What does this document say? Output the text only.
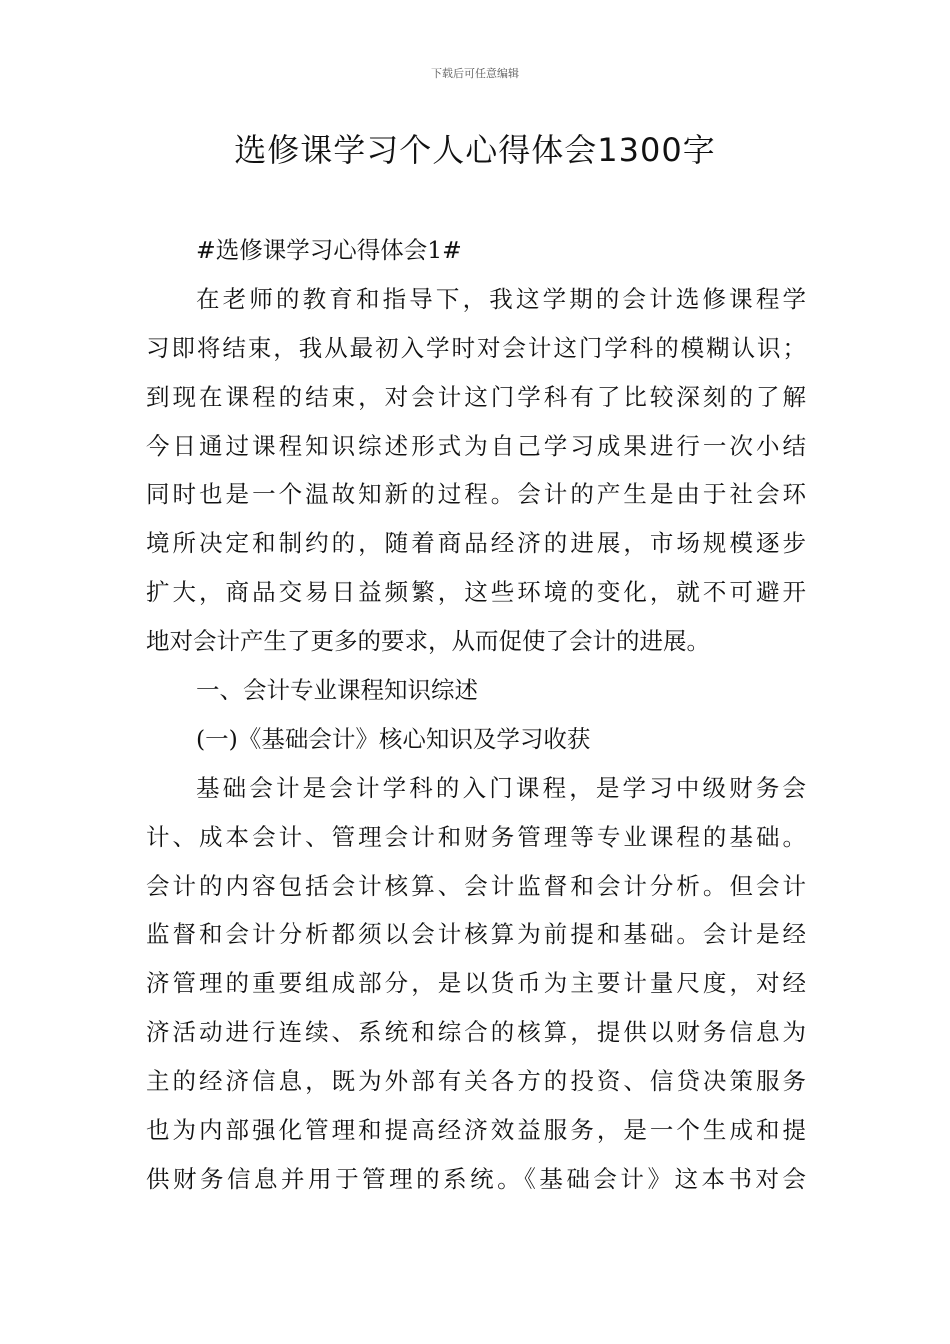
下载后可任意编辑
选修课学习个人心得体会1300字
#选修课学习心得体会1#
在老师的教育和指导下，我这学期的会计选修课程学
习即将结束，我从最初入学时对会计这门学科的模糊认识；
到现在课程的结束，对会计这门学科有了比较深刻的了解
今日通过课程知识综述形式为自己学习成果进行一次小结
同时也是一个温故知新的过程。会计的产生是由于社会环
境所决定和制约的，随着商品经济的进展，市场规模逐步
扩大，商品交易日益频繁，这些环境的变化，就不可避开
地对会计产生了更多的要求，从而促使了会计的进展。
一、会计专业课程知识综述
(一)《基础会计》核心知识及学习收获
基础会计是会计学科的入门课程，是学习中级财务会
计、成本会计、管理会计和财务管理等专业课程的基础。
会计的内容包括会计核算、会计监督和会计分析。但会计
监督和会计分析都须以会计核算为前提和基础。会计是经
济管理的重要组成部分，是以货币为主要计量尺度，对经
济活动进行连续、系统和综合的核算，提供以财务信息为
主的经济信息，既为外部有关各方的投资、信贷决策服务
也为内部强化管理和提高经济效益服务，是一个生成和提
供财务信息并用于管理的系统。《基础会计》这本书对会
